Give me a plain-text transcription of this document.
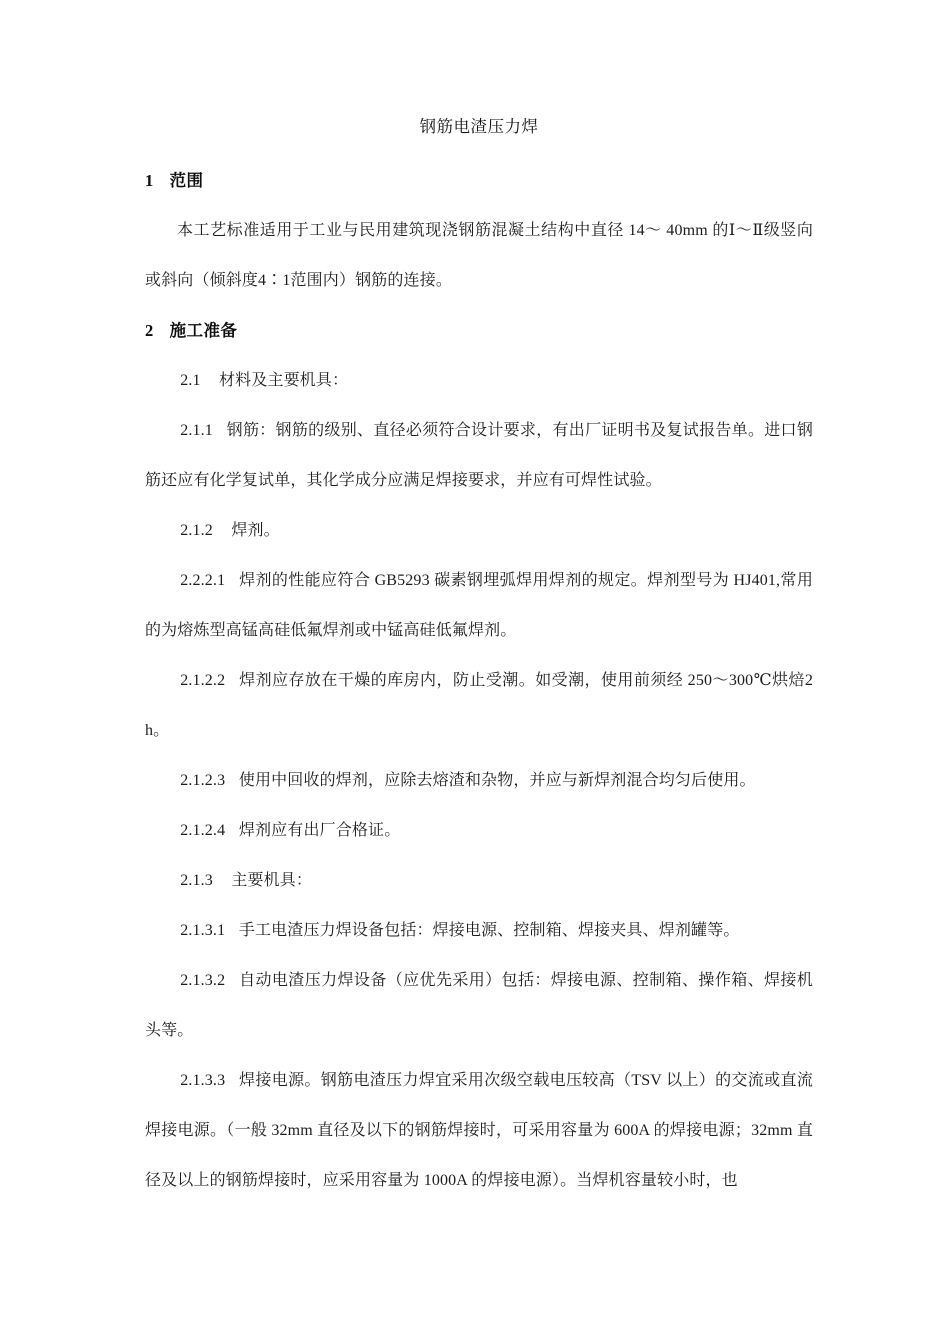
钢筋电渣压力焊

1 范围

本工艺标准适用于工业与民用建筑现浇钢筋混凝土结构中直径 14～ 40mm 的Ⅰ～Ⅱ级竖向或斜向（倾斜度4∶1范围内）钢筋的连接。

2 施工准备

2.1 材料及主要机具：

2.1.1 钢筋：钢筋的级别、直径必须符合设计要求，有出厂证明书及复试报告单。进口钢筋还应有化学复试单，其化学成分应满足焊接要求，并应有可焊性试验。

2.1.2 焊剂。

2.2.2.1 焊剂的性能应符合 GB5293 碳素钢埋弧焊用焊剂的规定。焊剂型号为 HJ401,常用的为熔炼型高锰高硅低氟焊剂或中锰高硅低氟焊剂。

2.1.2.2 焊剂应存放在干燥的库房内，防止受潮。如受潮，使用前须经 250～300℃烘焙2h。

2.1.2.3 使用中回收的焊剂，应除去熔渣和杂物，并应与新焊剂混合均匀后使用。

2.1.2.4 焊剂应有出厂合格证。

2.1.3 主要机具：

2.1.3.1 手工电渣压力焊设备包括：焊接电源、控制箱、焊接夹具、焊剂罐等。

2.1.3.2 自动电渣压力焊设备（应优先采用）包括：焊接电源、控制箱、操作箱、焊接机头等。

2.1.3.3 焊接电源。钢筋电渣压力焊宜采用次级空载电压较高（TSV 以上）的交流或直流焊接电源。（一般 32mm 直径及以下的钢筋焊接时，可采用容量为 600A 的焊接电源；32mm 直径及以上的钢筋焊接时，应采用容量为 1000A 的焊接电源）。当焊机容量较小时，也
